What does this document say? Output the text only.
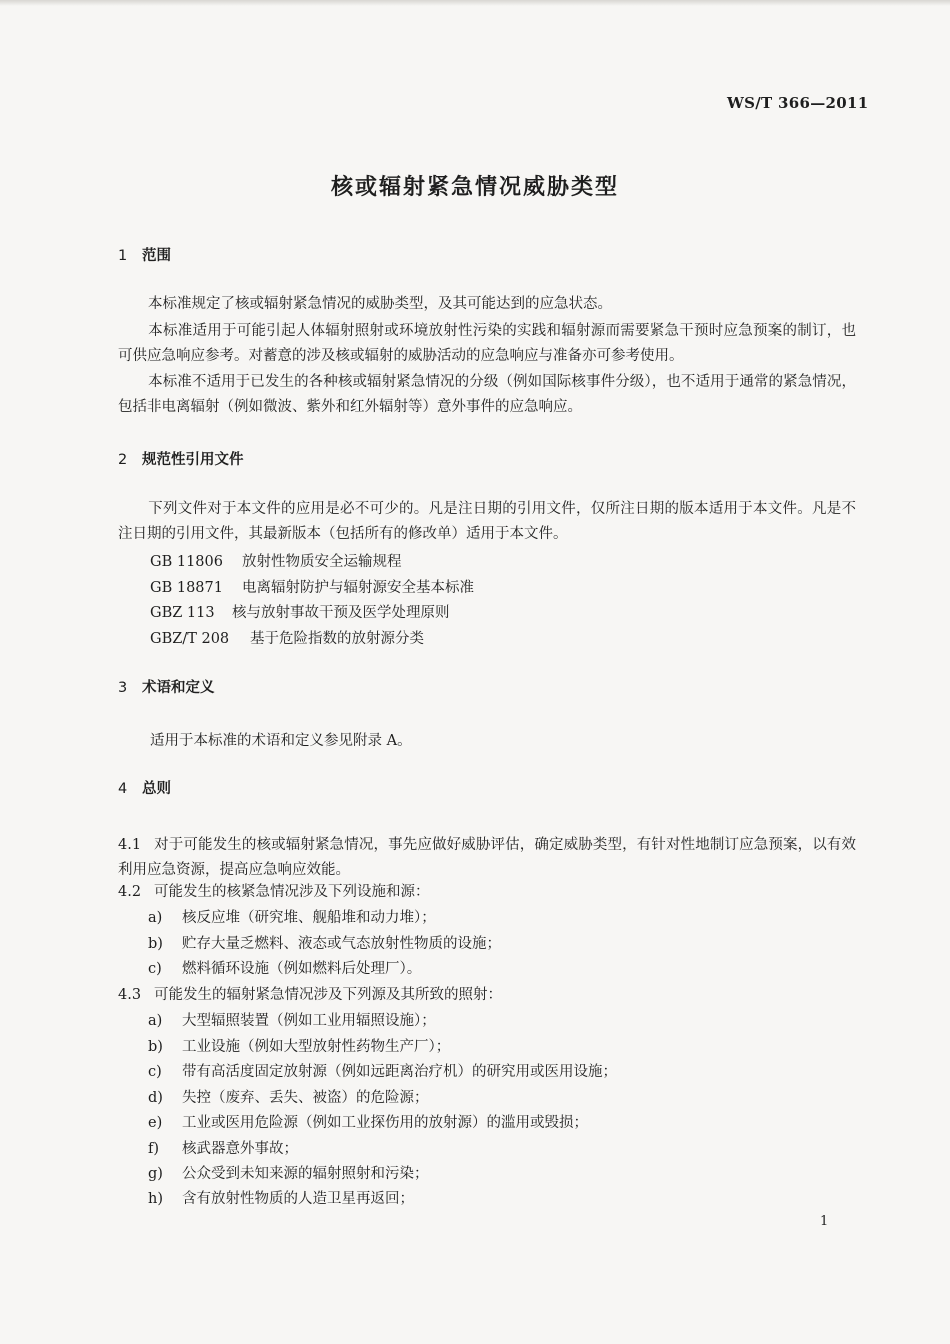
WS/T 366—2011
核或辐射紧急情况威胁类型
1 范围
本标准规定了核或辐射紧急情况的威胁类型，及其可能达到的应急状态。
本标准适用于可能引起人体辐射照射或环境放射性污染的实践和辐射源而需要紧急干预时应急预案的制订，也可供应急响应参考。对蓄意的涉及核或辐射的威胁活动的应急响应与准备亦可参考使用。
本标准不适用于已发生的各种核或辐射紧急情况的分级（例如国际核事件分级），也不适用于通常的紧急情况，包括非电离辐射（例如微波、紫外和红外辐射等）意外事件的应急响应。
2 规范性引用文件
下列文件对于本文件的应用是必不可少的。凡是注日期的引用文件，仅所注日期的版本适用于本文件。凡是不注日期的引用文件，其最新版本（包括所有的修改单）适用于本文件。
GB 11806 放射性物质安全运输规程
GB 18871 电离辐射防护与辐射源安全基本标准
GBZ 113 核与放射事故干预及医学处理原则
GBZ/T 208 基于危险指数的放射源分类
3 术语和定义
适用于本标准的术语和定义参见附录 A。
4 总则
4.1 对于可能发生的核或辐射紧急情况，事先应做好威胁评估，确定威胁类型，有针对性地制订应急预案，以有效利用应急资源，提高应急响应效能。
4.2 可能发生的核紧急情况涉及下列设施和源：
a) 核反应堆（研究堆、舰船堆和动力堆）；
b) 贮存大量乏燃料、液态或气态放射性物质的设施；
c) 燃料循环设施（例如燃料后处理厂）。
4.3 可能发生的辐射紧急情况涉及下列源及其所致的照射：
a) 大型辐照装置（例如工业用辐照设施）；
b) 工业设施（例如大型放射性药物生产厂）；
c) 带有高活度固定放射源（例如远距离治疗机）的研究用或医用设施；
d) 失控（废弃、丢失、被盗）的危险源；
e) 工业或医用危险源（例如工业探伤用的放射源）的滥用或毁损；
f) 核武器意外事故；
g) 公众受到未知来源的辐射照射和污染；
h) 含有放射性物质的人造卫星再返回；
1
